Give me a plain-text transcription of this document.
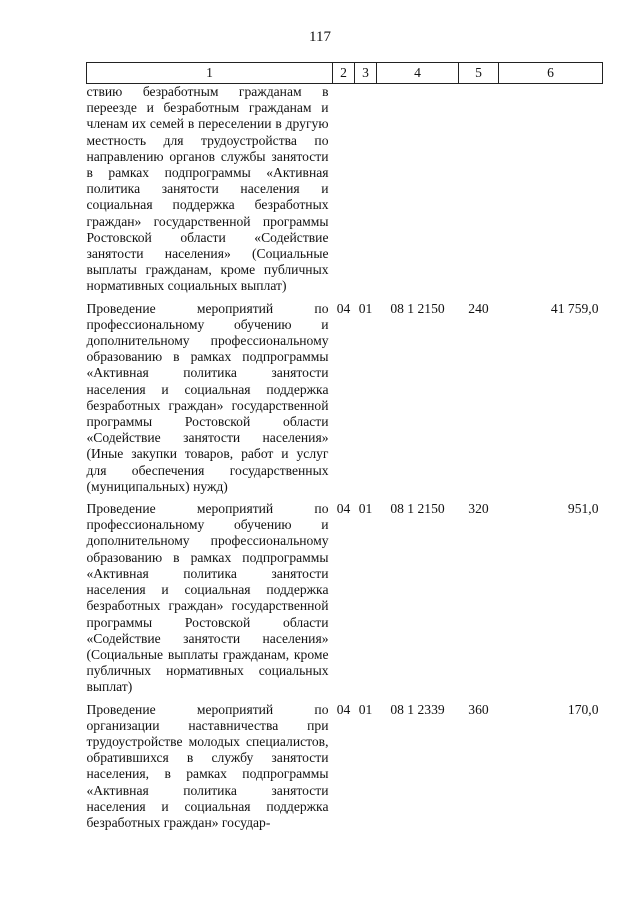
117
1	2	3	4	5	6
ствию безработным гражданам в переезде и безработным гражданам и членам их семей в переселении в другую местность для трудоустройства по направлению органов службы занятости в рамках подпрограммы «Активная политика занятости населения и социальная поддержка безработных граждан» государственной программы Ростовской области «Содействие занятости населения» (Социальные выплаты гражданам, кроме публичных нормативных социальных выплат)					
Проведение мероприятий по профессиональному обучению и дополнительному профессиональному образованию в рамках подпрограммы «Активная политика занятости населения и социальная поддержка безработных граждан» государственной программы Ростовской области «Содействие занятости населения» (Иные закупки товаров, работ и услуг для обеспечения государственных (муниципальных) нужд)	04	01	08 1 2150	240	41 759,0
Проведение мероприятий по профессиональному обучению и дополнительному профессиональному образованию в рамках подпрограммы «Активная политика занятости населения и социальная поддержка безработных граждан» государственной программы Ростовской области «Содействие занятости населения» (Социальные выплаты гражданам, кроме публичных нормативных социальных выплат)	04	01	08 1 2150	320	951,0
Проведение мероприятий по организации наставничества при трудоустройстве молодых специалистов, обратившихся в службу занятости населения, в рамках подпрограммы «Активная политика занятости населения и социальная поддержка безработных граждан» государ-	04	01	08 1 2339	360	170,0
